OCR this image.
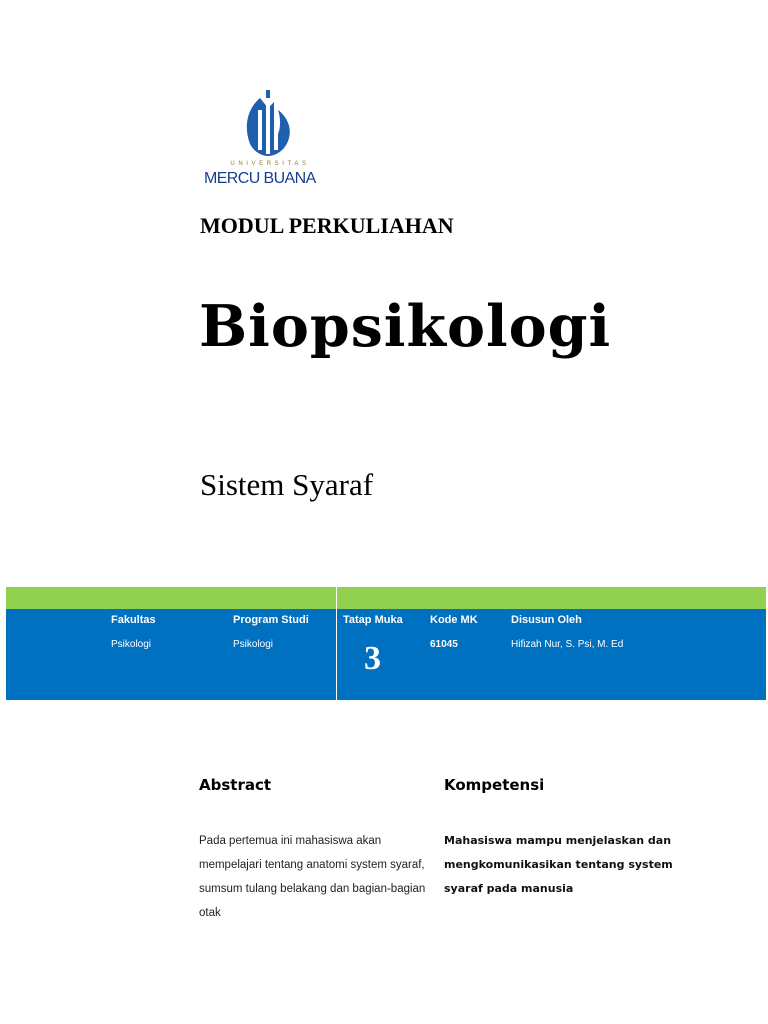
UNIVERSITAS
MERCU BUANA
MODUL PERKULIAHAN
Biopsikologi
Sistem Syaraf
Fakultas
Psikologi
Program Studi
Psikologi
Tatap Muka
3
Kode MK
61045
Disusun Oleh
Hifizah Nur, S. Psi, M. Ed
Abstract
Pada pertemua ini mahasiswa akan mempelajari tentang anatomi system syaraf, sumsum tulang belakang dan bagian-bagian otak
Kompetensi
Mahasiswa mampu menjelaskan dan mengkomunikasikan tentang system syaraf pada manusia
